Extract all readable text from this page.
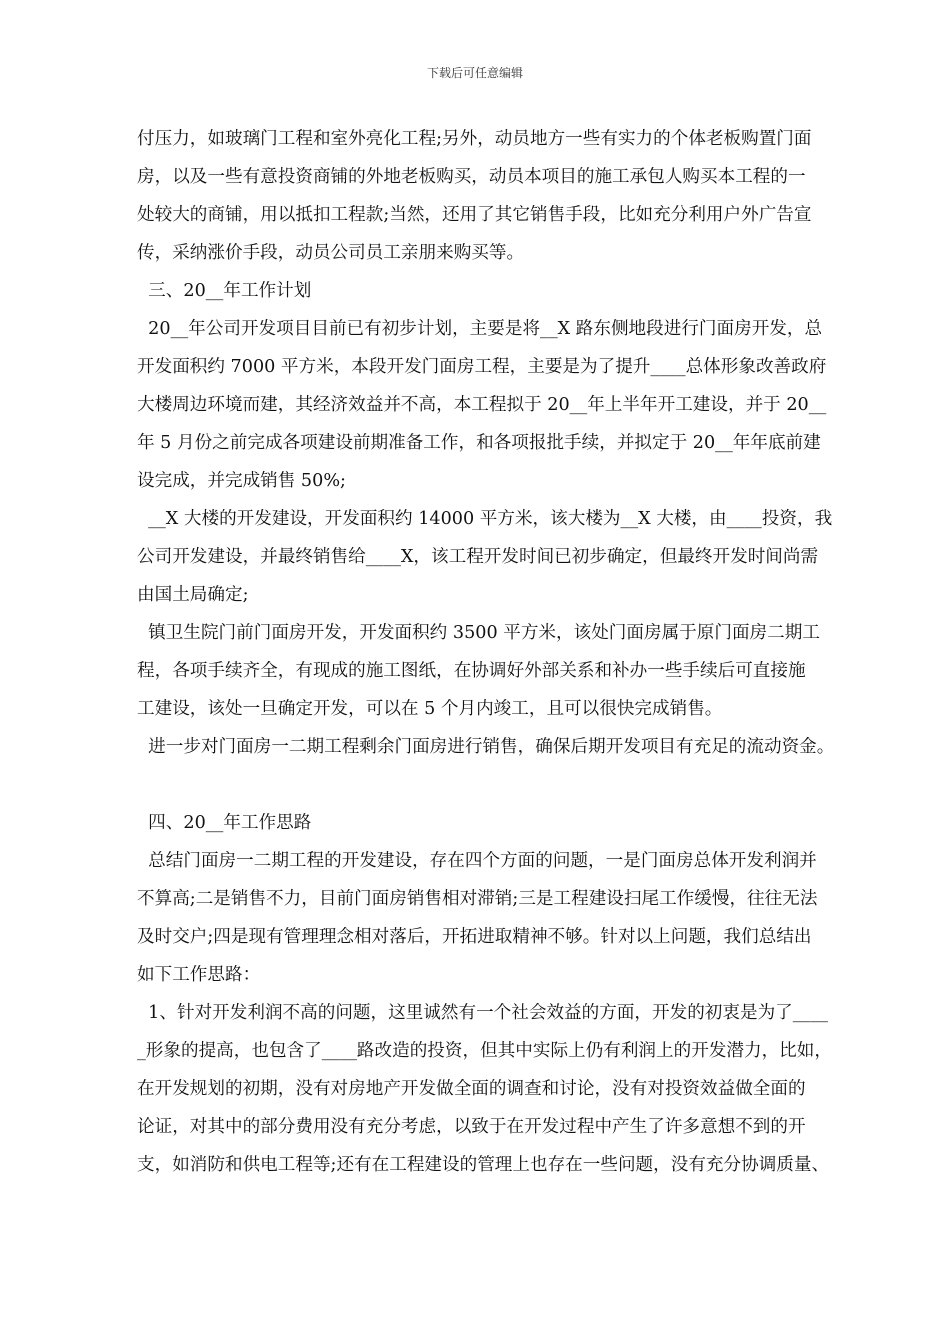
下载后可任意编辑
付压力，如玻璃门工程和室外亮化工程;另外，动员地方一些有实力的个体老板购置门面
房，以及一些有意投资商铺的外地老板购买，动员本项目的施工承包人购买本工程的一
处较大的商铺，用以抵扣工程款;当然，还用了其它销售手段，比如充分利用户外广告宣
传，采纳涨价手段，动员公司员工亲朋来购买等。
三、20__年工作计划
20__年公司开发项目目前已有初步计划，主要是将__X 路东侧地段进行门面房开发，总
开发面积约 7000 平方米，本段开发门面房工程，主要是为了提升____总体形象改善政府
大楼周边环境而建，其经济效益并不高，本工程拟于 20__年上半年开工建设，并于 20__
年 5 月份之前完成各项建设前期准备工作，和各项报批手续，并拟定于 20__年年底前建
设完成，并完成销售 50%;
__X 大楼的开发建设，开发面积约 14000 平方米，该大楼为__X 大楼，由____投资，我
公司开发建设，并最终销售给____X，该工程开发时间已初步确定，但最终开发时间尚需
由国土局确定;
镇卫生院门前门面房开发，开发面积约 3500 平方米，该处门面房属于原门面房二期工
程，各项手续齐全，有现成的施工图纸，在协调好外部关系和补办一些手续后可直接施
工建设，该处一旦确定开发，可以在 5 个月内竣工，且可以很快完成销售。
进一步对门面房一二期工程剩余门面房进行销售，确保后期开发项目有充足的流动资金。
四、20__年工作思路
总结门面房一二期工程的开发建设，存在四个方面的问题，一是门面房总体开发利润并
不算高;二是销售不力，目前门面房销售相对滞销;三是工程建设扫尾工作缓慢，往往无法
及时交户;四是现有管理理念相对落后，开拓进取精神不够。针对以上问题，我们总结出
如下工作思路：
1、针对开发利润不高的问题，这里诚然有一个社会效益的方面，开发的初衷是为了____
_形象的提高，也包含了____路改造的投资，但其中实际上仍有利润上的开发潜力，比如，
在开发规划的初期，没有对房地产开发做全面的调查和讨论，没有对投资效益做全面的
论证，对其中的部分费用没有充分考虑，以致于在开发过程中产生了许多意想不到的开
支，如消防和供电工程等;还有在工程建设的管理上也存在一些问题，没有充分协调质量、
